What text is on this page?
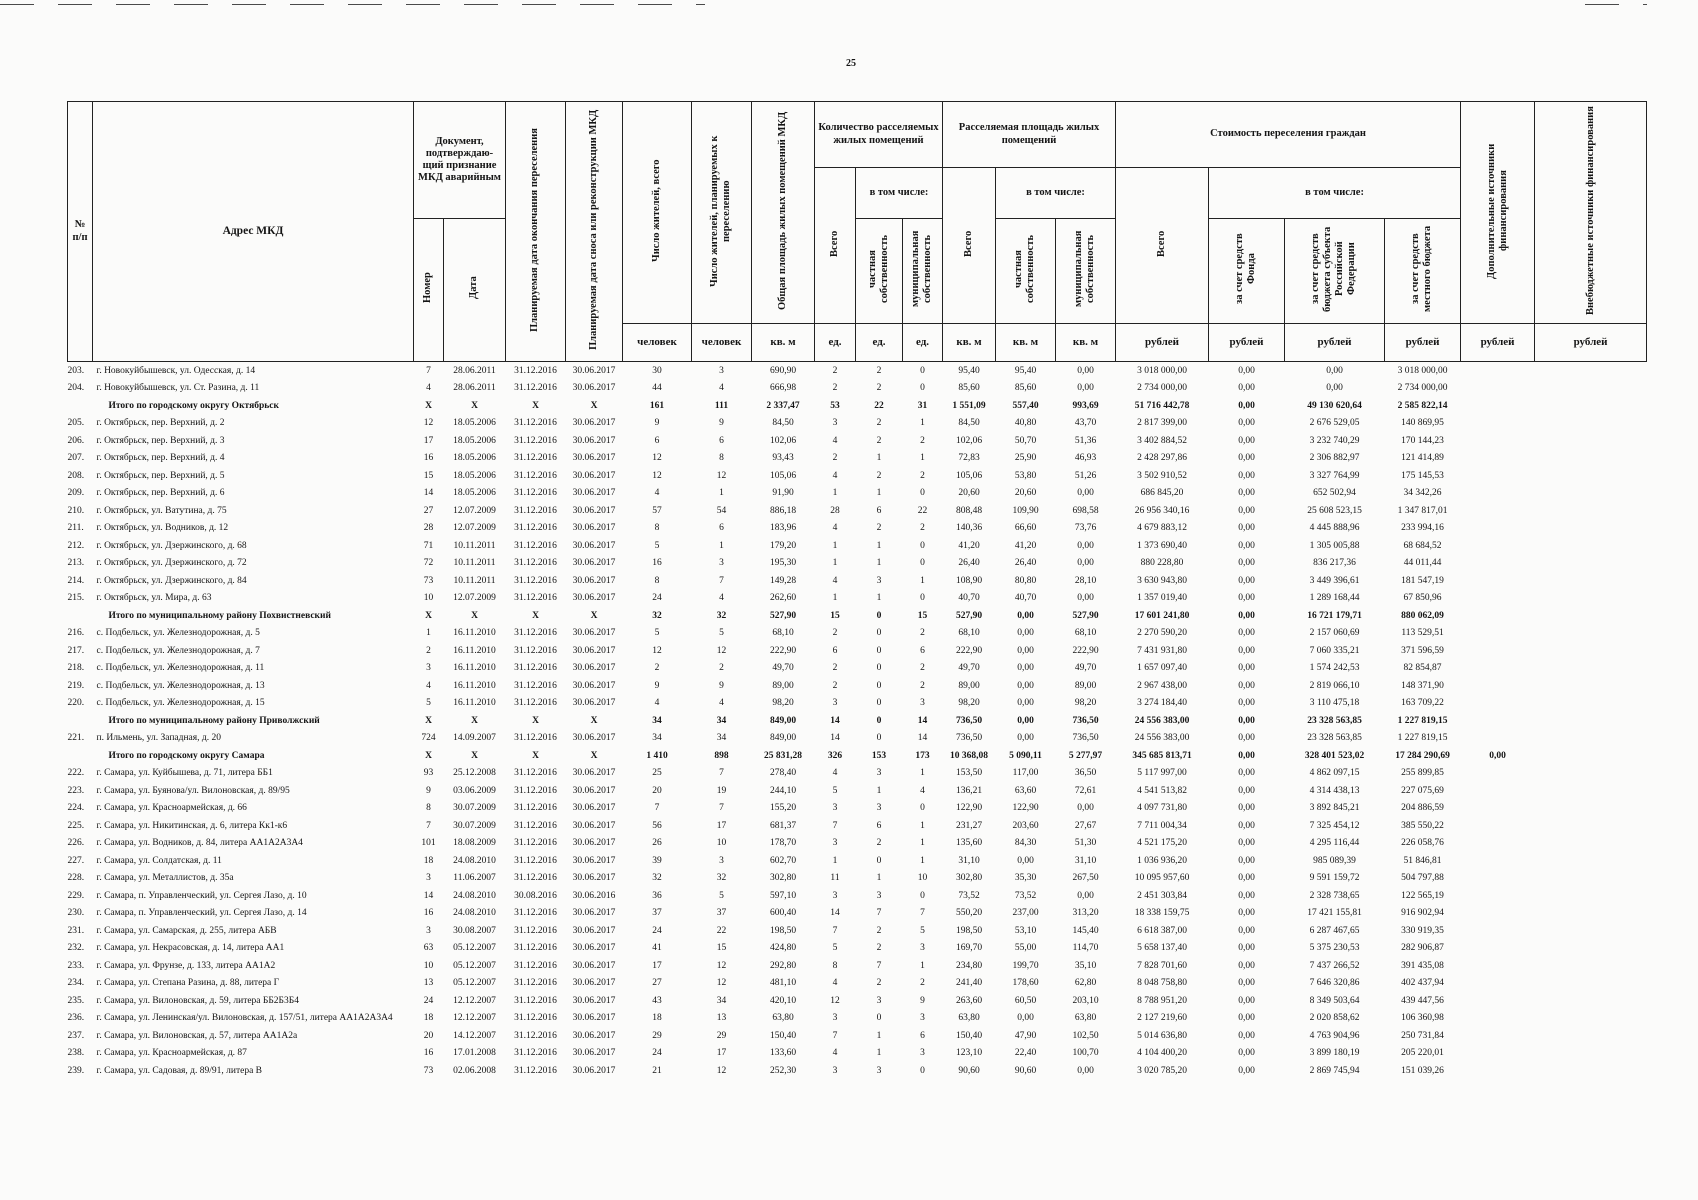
25
№ п/п	Адрес МКД	Документ, подтверждаю-щий признание МКД аварийным		Планируемая дата окончания переселения	Планируемая дата сноса или реконструкции МКД	Число жителей, всего	Число жителей, планируемых к переселению	Общая площадь жилых помещений МКД	Количество расселяемых жилых помещений			Расселяемая площадь жилых помещений			Стоимость переселения граждан				Дополнительные источники финансирования	Внебюджетные источники финансирования
									Всего	в том числе:		Всего	в том числе:		Всего	в том числе:				
		Номер	Дата							частная собственность	муниципальная собственность		частная собственность	муниципальная собственность		за счет средств Фонда	за счет средств бюджета субъекта Российской Федерации	за счет средств местного бюджета		
						человек	человек	кв. м	ед.	ед.	ед.	кв. м	кв. м	кв. м	рублей	рублей	рублей	рублей	рублей	рублей
203.	г. Новокуйбышевск, ул. Одесская, д. 14	7	28.06.2011	31.12.2016	30.06.2017	30	3	690,90	2	2	0	95,40	95,40	0,00	3 018 000,00	0,00	0,00	3 018 000,00		
204.	г. Новокуйбышевск, ул. Ст. Разина, д. 11	4	28.06.2011	31.12.2016	30.06.2017	44	4	666,98	2	2	0	85,60	85,60	0,00	2 734 000,00	0,00	0,00	2 734 000,00		
	Итого по городскому округу Октябрьск	X	X	X	X	161	111	2 337,47	53	22	31	1 551,09	557,40	993,69	51 716 442,78	0,00	49 130 620,64	2 585 822,14		
205.	г. Октябрьск, пер. Верхний, д. 2	12	18.05.2006	31.12.2016	30.06.2017	9	9	84,50	3	2	1	84,50	40,80	43,70	2 817 399,00	0,00	2 676 529,05	140 869,95		
206.	г. Октябрьск, пер. Верхний, д. 3	17	18.05.2006	31.12.2016	30.06.2017	6	6	102,06	4	2	2	102,06	50,70	51,36	3 402 884,52	0,00	3 232 740,29	170 144,23		
207.	г. Октябрьск, пер. Верхний, д. 4	16	18.05.2006	31.12.2016	30.06.2017	12	8	93,43	2	1	1	72,83	25,90	46,93	2 428 297,86	0,00	2 306 882,97	121 414,89		
208.	г. Октябрьск, пер. Верхний, д. 5	15	18.05.2006	31.12.2016	30.06.2017	12	12	105,06	4	2	2	105,06	53,80	51,26	3 502 910,52	0,00	3 327 764,99	175 145,53		
209.	г. Октябрьск, пер. Верхний, д. 6	14	18.05.2006	31.12.2016	30.06.2017	4	1	91,90	1	1	0	20,60	20,60	0,00	686 845,20	0,00	652 502,94	34 342,26		
210.	г. Октябрьск, ул. Ватутина, д. 75	27	12.07.2009	31.12.2016	30.06.2017	57	54	886,18	28	6	22	808,48	109,90	698,58	26 956 340,16	0,00	25 608 523,15	1 347 817,01		
211.	г. Октябрьск, ул. Водников, д. 12	28	12.07.2009	31.12.2016	30.06.2017	8	6	183,96	4	2	2	140,36	66,60	73,76	4 679 883,12	0,00	4 445 888,96	233 994,16		
212.	г. Октябрьск, ул. Дзержинского, д. 68	71	10.11.2011	31.12.2016	30.06.2017	5	1	179,20	1	1	0	41,20	41,20	0,00	1 373 690,40	0,00	1 305 005,88	68 684,52		
213.	г. Октябрьск, ул. Дзержинского, д. 72	72	10.11.2011	31.12.2016	30.06.2017	16	3	195,30	1	1	0	26,40	26,40	0,00	880 228,80	0,00	836 217,36	44 011,44		
214.	г. Октябрьск, ул. Дзержинского, д. 84	73	10.11.2011	31.12.2016	30.06.2017	8	7	149,28	4	3	1	108,90	80,80	28,10	3 630 943,80	0,00	3 449 396,61	181 547,19		
215.	г. Октябрьск, ул. Мира, д. 63	10	12.07.2009	31.12.2016	30.06.2017	24	4	262,60	1	1	0	40,70	40,70	0,00	1 357 019,40	0,00	1 289 168,44	67 850,96		
	Итого по муниципальному району Похвистневский	X	X	X	X	32	32	527,90	15	0	15	527,90	0,00	527,90	17 601 241,80	0,00	16 721 179,71	880 062,09		
216.	с. Подбельск, ул. Железнодорожная, д. 5	1	16.11.2010	31.12.2016	30.06.2017	5	5	68,10	2	0	2	68,10	0,00	68,10	2 270 590,20	0,00	2 157 060,69	113 529,51		
217.	с. Подбельск, ул. Железнодорожная, д. 7	2	16.11.2010	31.12.2016	30.06.2017	12	12	222,90	6	0	6	222,90	0,00	222,90	7 431 931,80	0,00	7 060 335,21	371 596,59		
218.	с. Подбельск, ул. Железнодорожная, д. 11	3	16.11.2010	31.12.2016	30.06.2017	2	2	49,70	2	0	2	49,70	0,00	49,70	1 657 097,40	0,00	1 574 242,53	82 854,87		
219.	с. Подбельск, ул. Железнодорожная, д. 13	4	16.11.2010	31.12.2016	30.06.2017	9	9	89,00	2	0	2	89,00	0,00	89,00	2 967 438,00	0,00	2 819 066,10	148 371,90		
220.	с. Подбельск, ул. Железнодорожная, д. 15	5	16.11.2010	31.12.2016	30.06.2017	4	4	98,20	3	0	3	98,20	0,00	98,20	3 274 184,40	0,00	3 110 475,18	163 709,22		
	Итого по муниципальному району Приволжский	X	X	X	X	34	34	849,00	14	0	14	736,50	0,00	736,50	24 556 383,00	0,00	23 328 563,85	1 227 819,15		
221.	п. Ильмень, ул. Западная, д. 20	724	14.09.2007	31.12.2016	30.06.2017	34	34	849,00	14	0	14	736,50	0,00	736,50	24 556 383,00	0,00	23 328 563,85	1 227 819,15		
	Итого по городскому округу Самара	X	X	X	X	1 410	898	25 831,28	326	153	173	10 368,08	5 090,11	5 277,97	345 685 813,71	0,00	328 401 523,02	17 284 290,69	0,00	
222.	г. Самара, ул. Куйбышева, д. 71, литера ББ1	93	25.12.2008	31.12.2016	30.06.2017	25	7	278,40	4	3	1	153,50	117,00	36,50	5 117 997,00	0,00	4 862 097,15	255 899,85		
223.	г. Самара, ул. Буянова/ул. Вилоновская, д. 89/95	9	03.06.2009	31.12.2016	30.06.2017	20	19	244,10	5	1	4	136,21	63,60	72,61	4 541 513,82	0,00	4 314 438,13	227 075,69		
224.	г. Самара, ул. Красноармейская, д. 66	8	30.07.2009	31.12.2016	30.06.2017	7	7	155,20	3	3	0	122,90	122,90	0,00	4 097 731,80	0,00	3 892 845,21	204 886,59		
225.	г. Самара, ул. Никитинская, д. 6, литера Кк1-к6	7	30.07.2009	31.12.2016	30.06.2017	56	17	681,37	7	6	1	231,27	203,60	27,67	7 711 004,34	0,00	7 325 454,12	385 550,22		
226.	г. Самара, ул. Водников, д. 84, литера АА1А2А3А4	101	18.08.2009	31.12.2016	30.06.2017	26	10	178,70	3	2	1	135,60	84,30	51,30	4 521 175,20	0,00	4 295 116,44	226 058,76		
227.	г. Самара, ул. Солдатская, д. 11	18	24.08.2010	31.12.2016	30.06.2017	39	3	602,70	1	0	1	31,10	0,00	31,10	1 036 936,20	0,00	985 089,39	51 846,81		
228.	г. Самара, ул. Металлистов, д. 35а	3	11.06.2007	31.12.2016	30.06.2017	32	32	302,80	11	1	10	302,80	35,30	267,50	10 095 957,60	0,00	9 591 159,72	504 797,88		
229.	г. Самара, п. Управленческий, ул. Сергея Лазо, д. 10	14	24.08.2010	30.08.2016	30.06.2016	36	5	597,10	3	3	0	73,52	73,52	0,00	2 451 303,84	0,00	2 328 738,65	122 565,19		
230.	г. Самара, п. Управленческий, ул. Сергея Лазо, д. 14	16	24.08.2010	31.12.2016	30.06.2017	37	37	600,40	14	7	7	550,20	237,00	313,20	18 338 159,75	0,00	17 421 155,81	916 902,94		
231.	г. Самара, ул. Самарская, д. 255, литера АБВ	3	30.08.2007	31.12.2016	30.06.2017	24	22	198,50	7	2	5	198,50	53,10	145,40	6 618 387,00	0,00	6 287 467,65	330 919,35		
232.	г. Самара, ул. Некрасовская, д. 14, литера АА1	63	05.12.2007	31.12.2016	30.06.2017	41	15	424,80	5	2	3	169,70	55,00	114,70	5 658 137,40	0,00	5 375 230,53	282 906,87		
233.	г. Самара, ул. Фрунзе, д. 133, литера АА1А2	10	05.12.2007	31.12.2016	30.06.2017	17	12	292,80	8	7	1	234,80	199,70	35,10	7 828 701,60	0,00	7 437 266,52	391 435,08		
234.	г. Самара, ул. Степана Разина, д. 88, литера Г	13	05.12.2007	31.12.2016	30.06.2017	27	12	481,10	4	2	2	241,40	178,60	62,80	8 048 758,80	0,00	7 646 320,86	402 437,94		
235.	г. Самара, ул. Вилоновская, д. 59, литера ББ2Б3Б4	24	12.12.2007	31.12.2016	30.06.2017	43	34	420,10	12	3	9	263,60	60,50	203,10	8 788 951,20	0,00	8 349 503,64	439 447,56		
236.	г. Самара, ул. Ленинская/ул. Вилоновская, д. 157/51, литера АА1А2А3А4	18	12.12.2007	31.12.2016	30.06.2017	18	13	63,80	3	0	3	63,80	0,00	63,80	2 127 219,60	0,00	2 020 858,62	106 360,98		
237.	г. Самара, ул. Вилоновская, д. 57, литера АА1А2а	20	14.12.2007	31.12.2016	30.06.2017	29	29	150,40	7	1	6	150,40	47,90	102,50	5 014 636,80	0,00	4 763 904,96	250 731,84		
238.	г. Самара, ул. Красноармейская, д. 87	16	17.01.2008	31.12.2016	30.06.2017	24	17	133,60	4	1	3	123,10	22,40	100,70	4 104 400,20	0,00	3 899 180,19	205 220,01		
239.	г. Самара, ул. Садовая, д. 89/91, литера В	73	02.06.2008	31.12.2016	30.06.2017	21	12	252,30	3	3	0	90,60	90,60	0,00	3 020 785,20	0,00	2 869 745,94	151 039,26		
